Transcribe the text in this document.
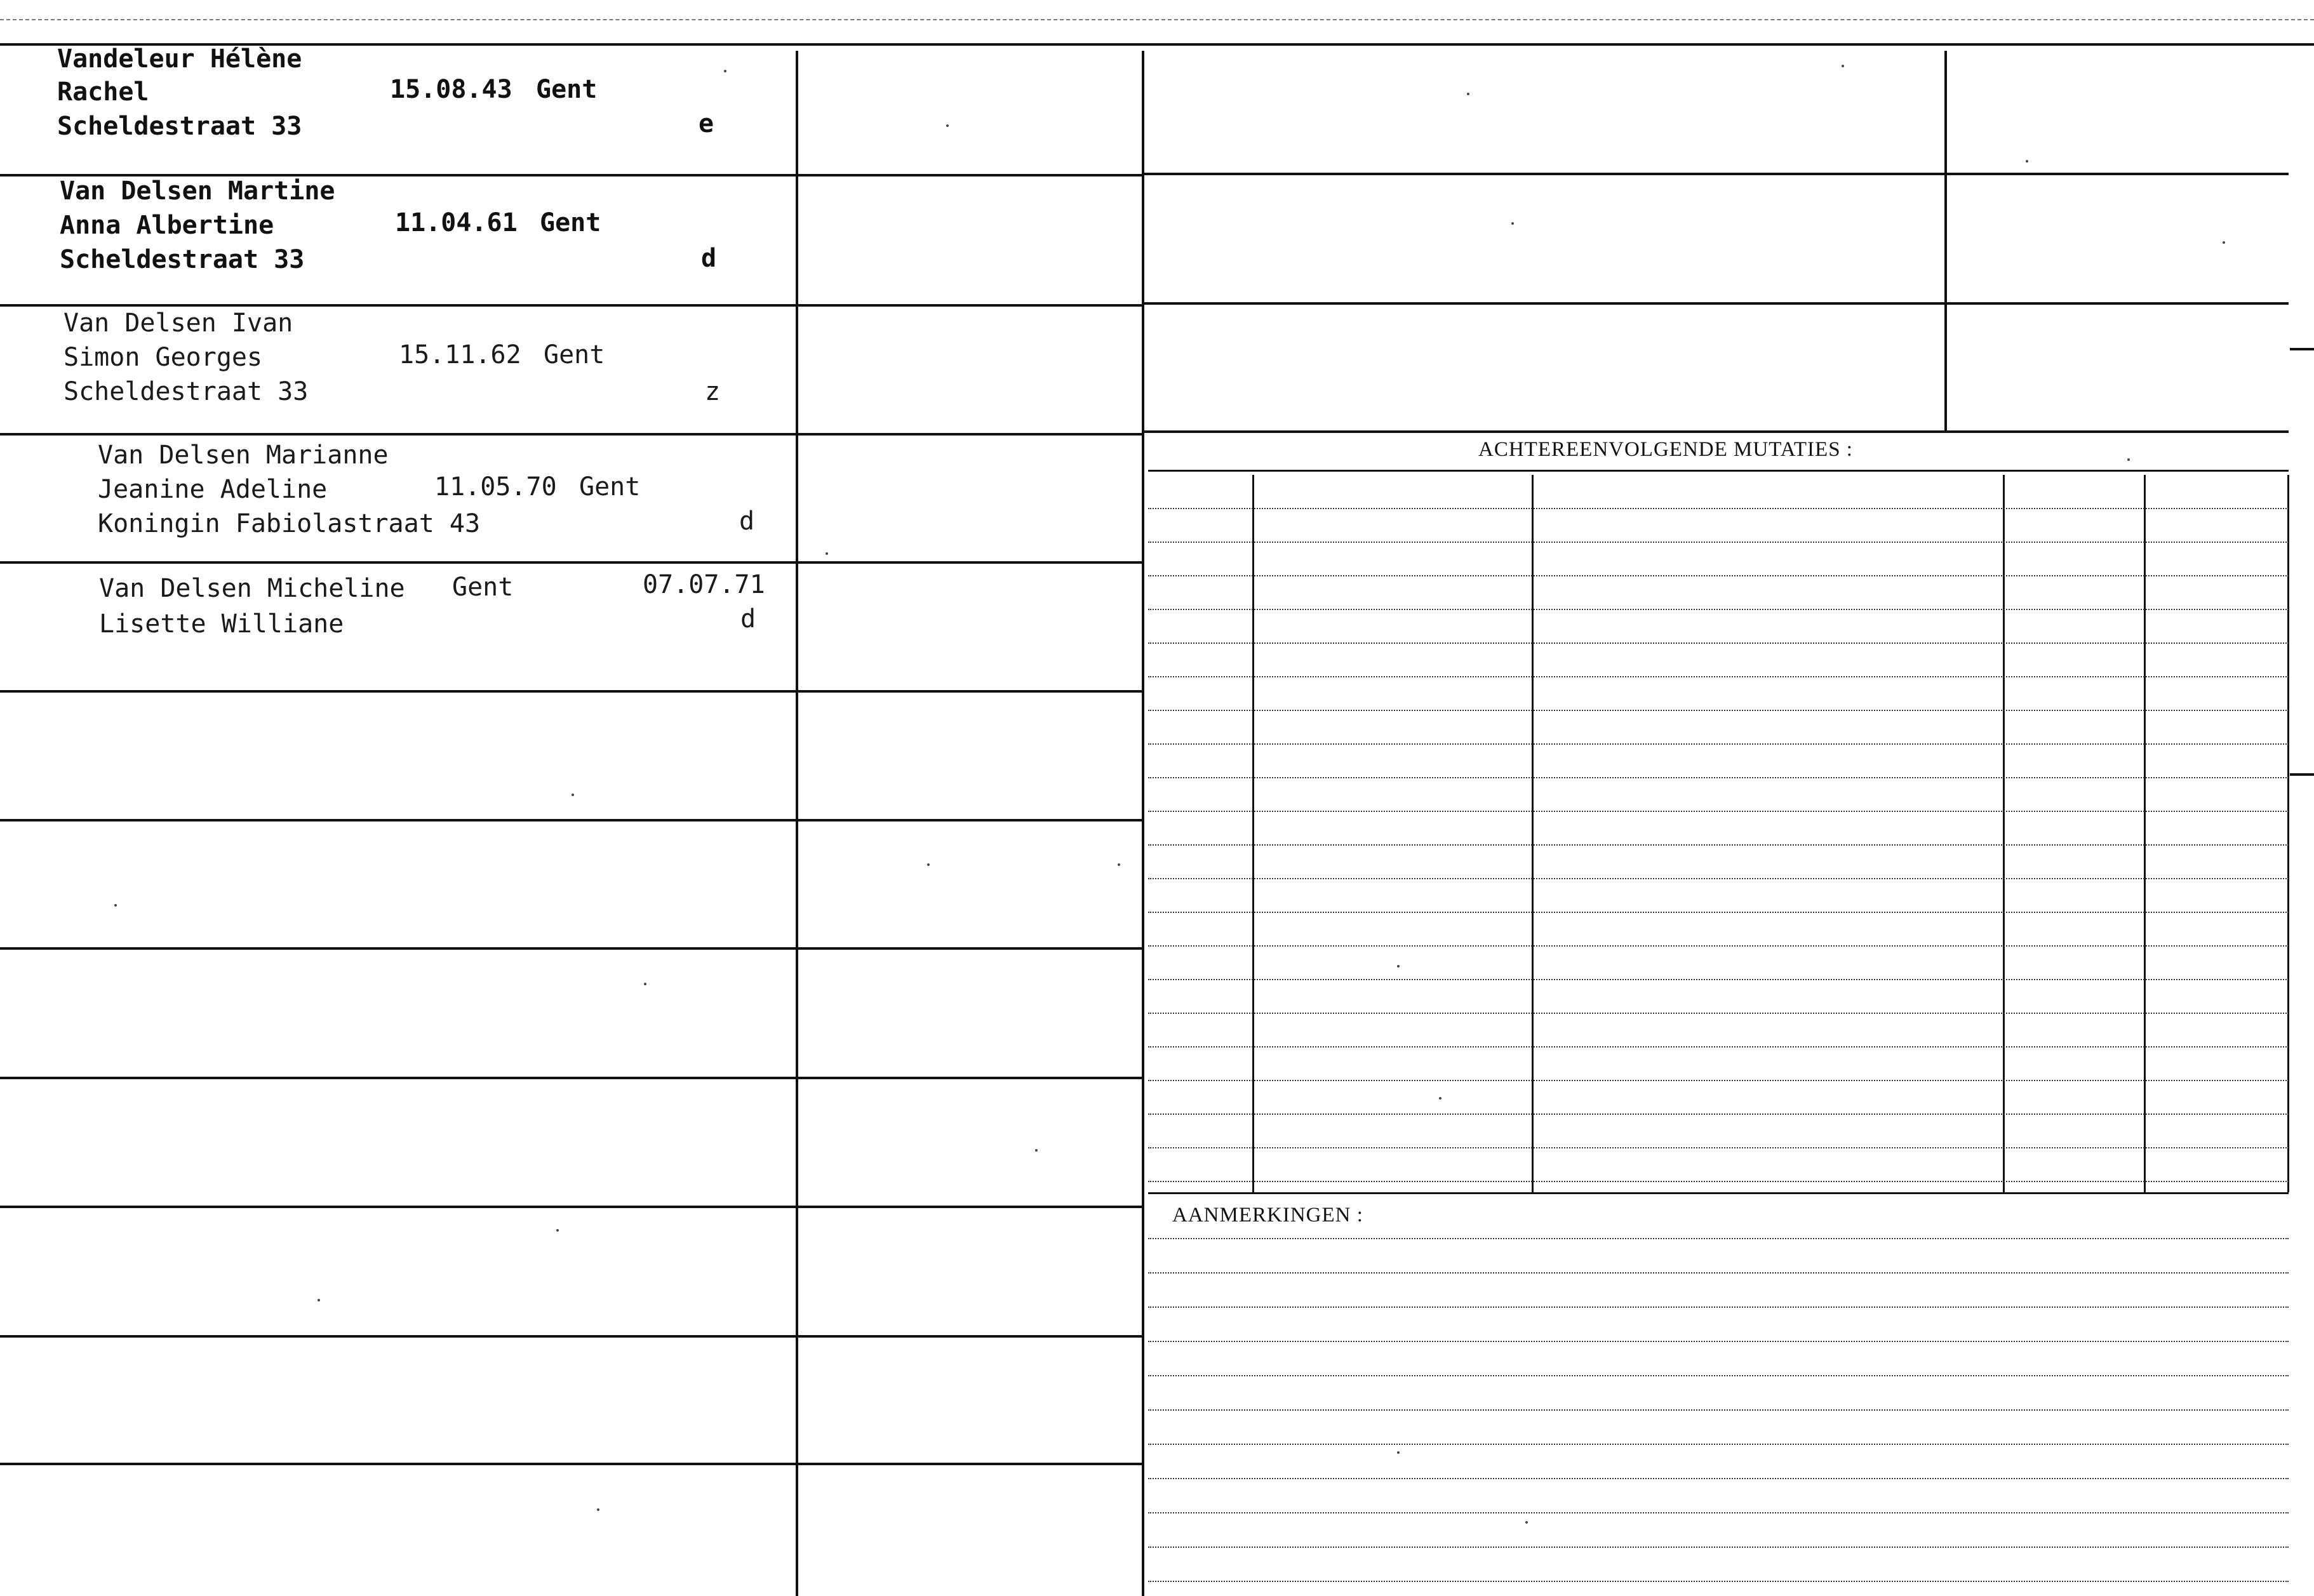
ACHTEREENVOLGENDE MUTATIES :
AANMERKINGEN :

Vandeleur Hélène

Rachel

Scheldestraat 33

15.08.43

Gent

e

Van Delsen Martine

Anna Albertine

Scheldestraat 33

11.04.61

Gent

d

Van Delsen Ivan

Simon Georges

Scheldestraat 33

15.11.62

Gent

z

Van Delsen Marianne

Jeanine Adeline

Koningin Fabiolastraat 43

11.05.70

Gent

d

Van Delsen Micheline

Lisette Williane

Gent

	07.07.71

d
